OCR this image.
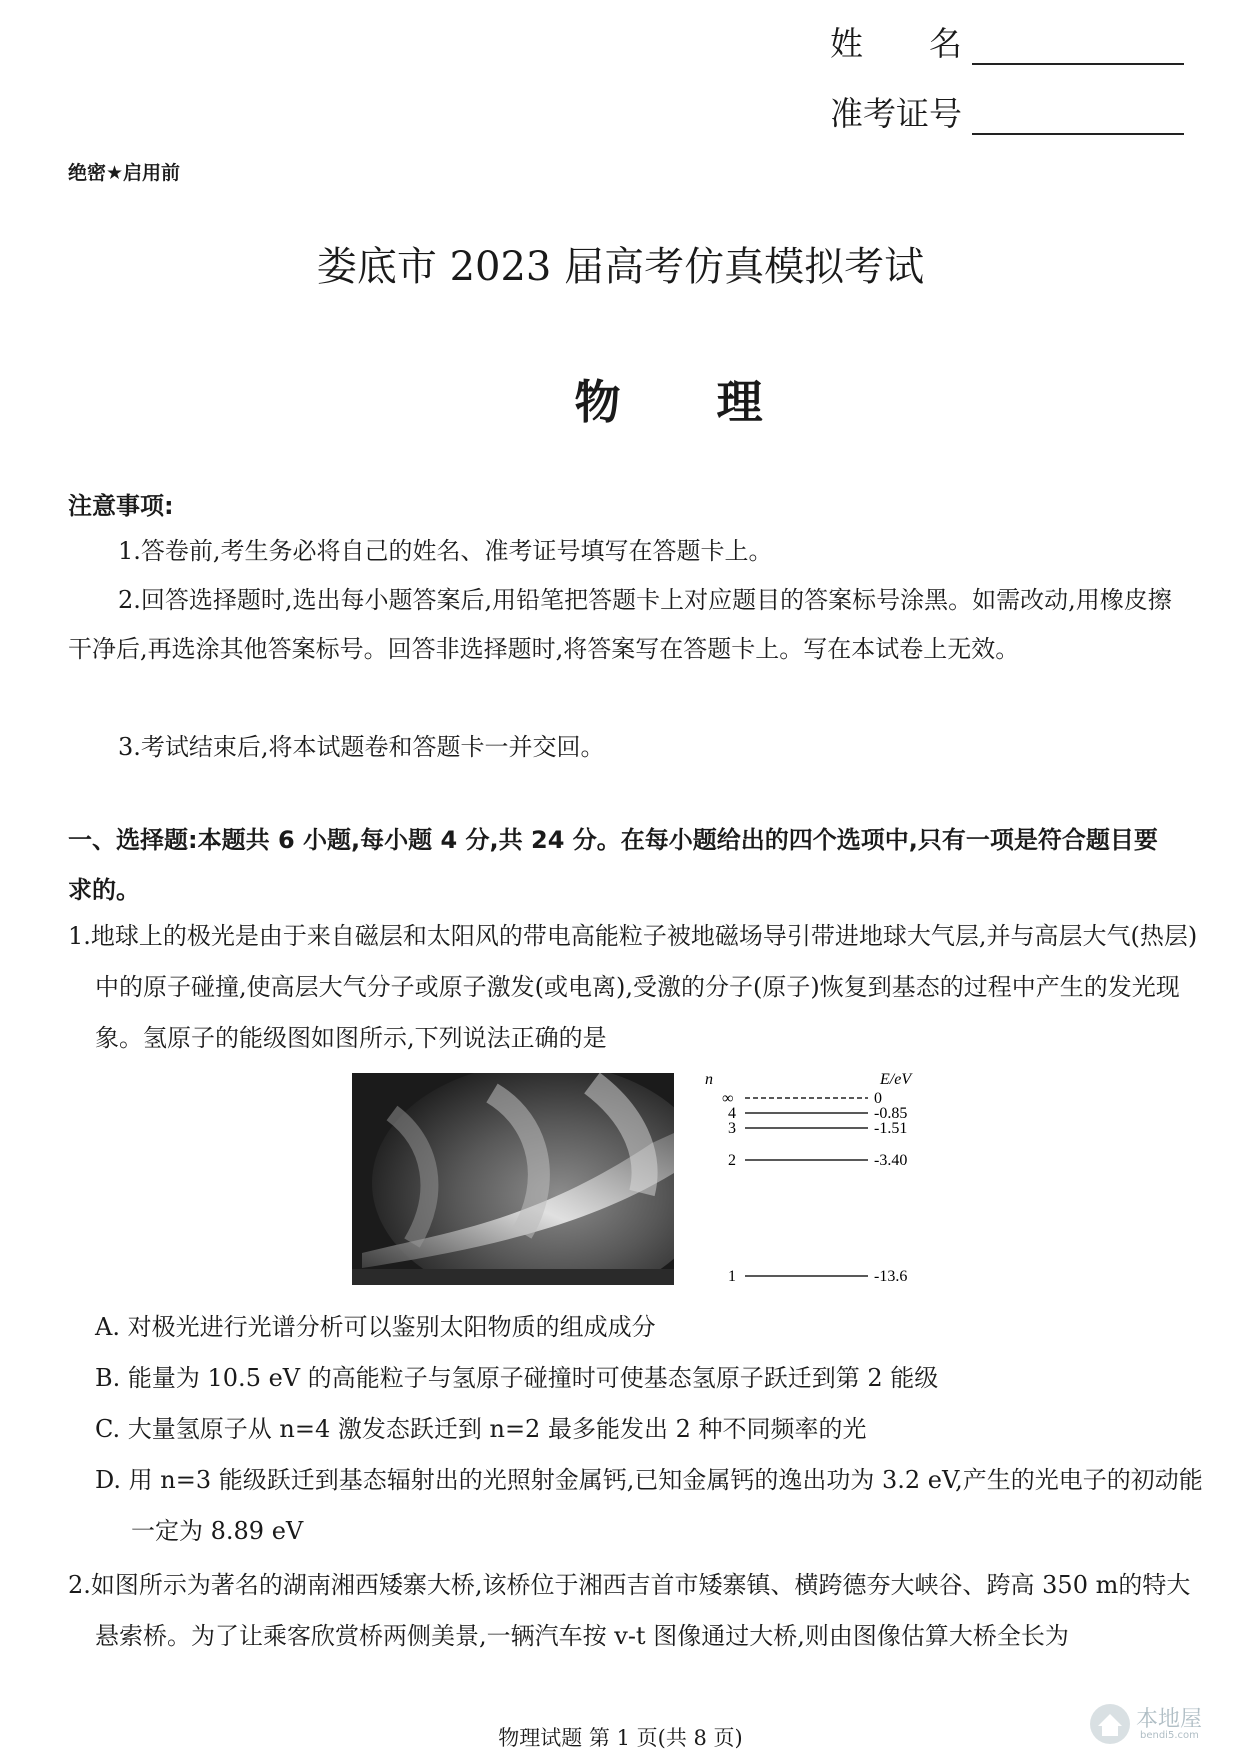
姓　　名
准考证号
绝密★启用前
娄底市 2023 届高考仿真模拟考试
物理
注意事项:
1.答卷前,考生务必将自己的姓名、准考证号填写在答题卡上。
2.回答选择题时,选出每小题答案后,用铅笔把答题卡上对应题目的答案标号涂黑。如需改动,用橡皮擦干净后,再选涂其他答案标号。回答非选择题时,将答案写在答题卡上。写在本试卷上无效。
3.考试结束后,将本试题卷和答题卡一并交回。
一、选择题:本题共 6 小题,每小题 4 分,共 24 分。在每小题给出的四个选项中,只有一项是符合题目要求的。
1.地球上的极光是由于来自磁层和太阳风的带电高能粒子被地磁场导引带进地球大气层,并与高层大气(热层)中的原子碰撞,使高层大气分子或原子激发(或电离),受激的分子(原子)恢复到基态的过程中产生的发光现象。氢原子的能级图如图所示,下列说法正确的是
n	E/eV
∞	0
4	-0.85
3	-1.51
2	-3.40
1	-13.6
A. 对极光进行光谱分析可以鉴别太阳物质的组成成分
B. 能量为 10.5 eV 的高能粒子与氢原子碰撞时可使基态氢原子跃迁到第 2 能级
C. 大量氢原子从 n=4 激发态跃迁到 n=2 最多能发出 2 种不同频率的光
D. 用 n=3 能级跃迁到基态辐射出的光照射金属钙,已知金属钙的逸出功为 3.2 eV,产生的光电子的初动能一定为 8.89 eV
2.如图所示为著名的湖南湘西矮寨大桥,该桥位于湘西吉首市矮寨镇、横跨德夯大峡谷、跨高 350 m的特大悬索桥。为了让乘客欣赏桥两侧美景,一辆汽车按 v-t 图像通过大桥,则由图像估算大桥全长为
物理试题 第 1 页(共 8 页)
本地屋
bendi5.com
